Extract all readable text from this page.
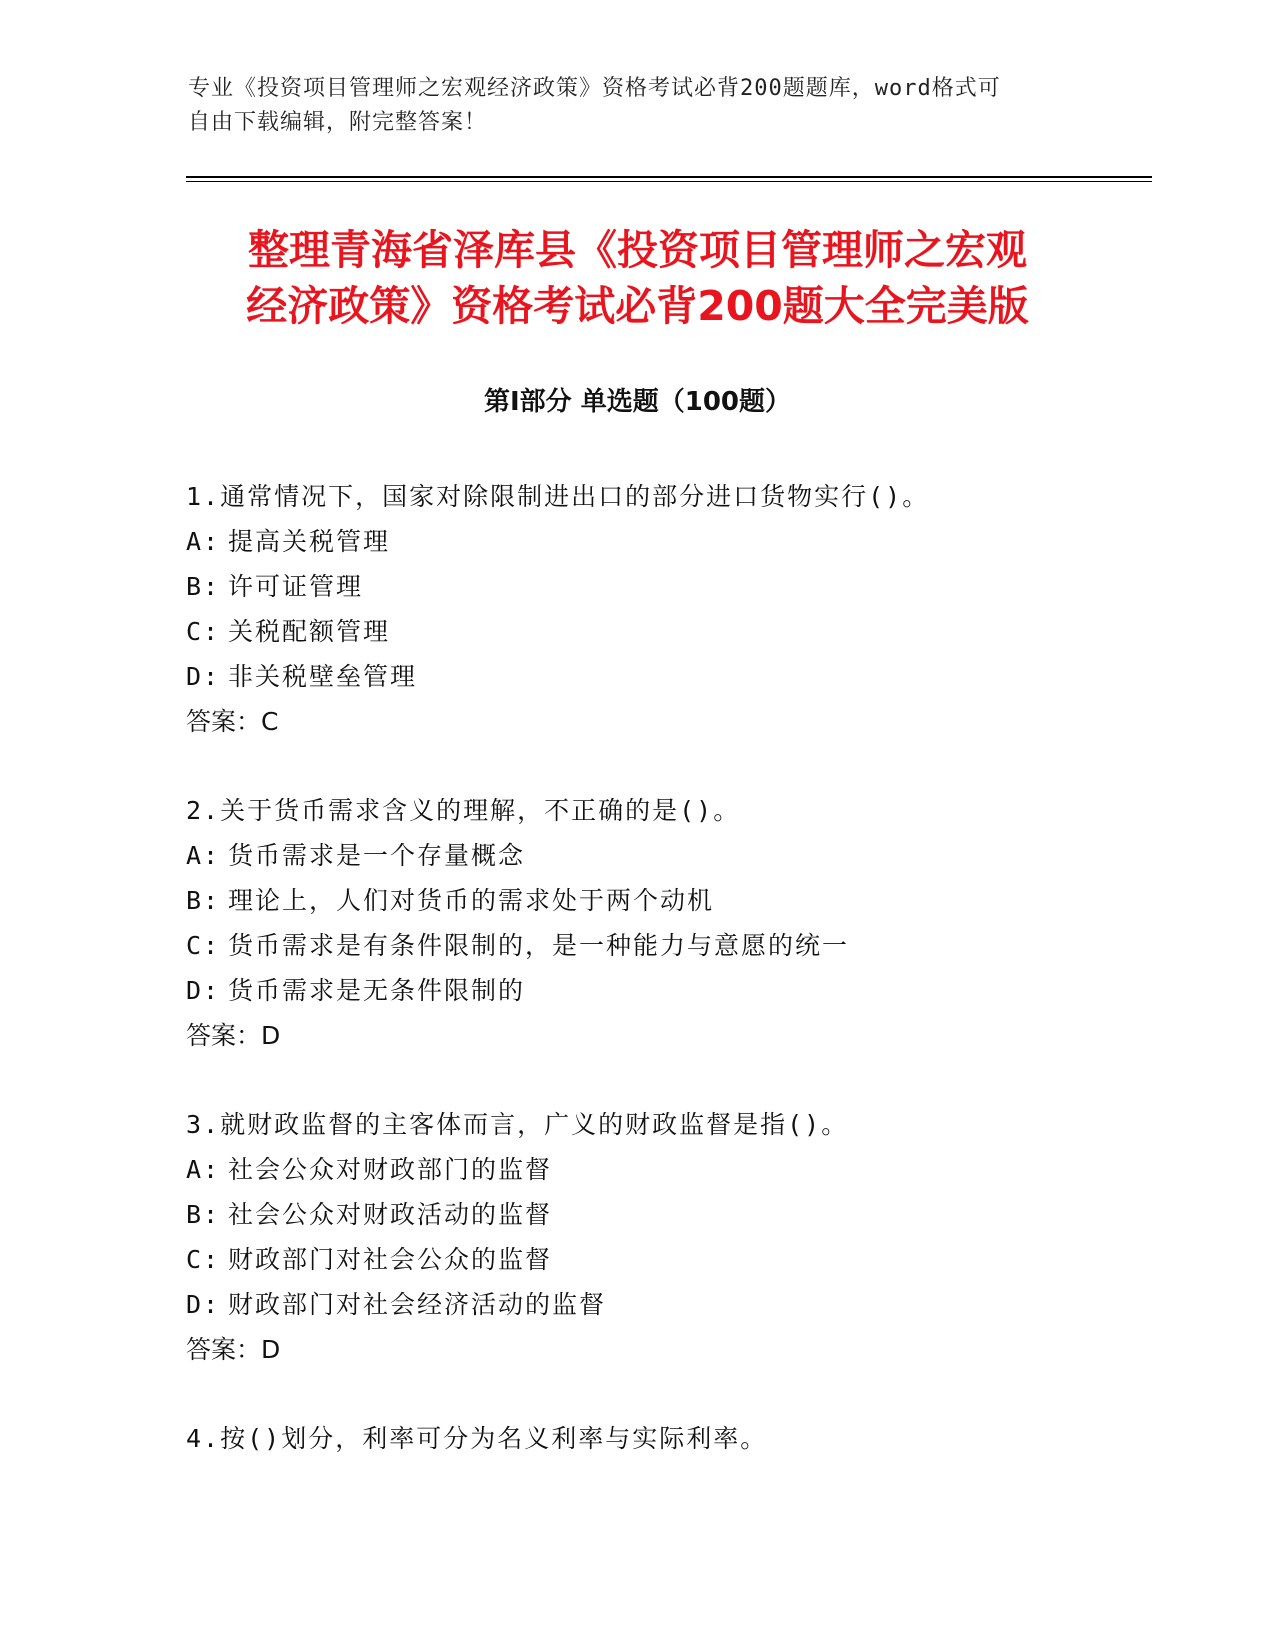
专业《投资项目管理师之宏观经济政策》资格考试必背200题题库，word格式可
自由下载编辑，附完整答案！
整理青海省泽库县《投资项目管理师之宏观
经济政策》资格考试必背200题大全完美版
第Ⅰ部分 单选题（100题）
1.通常情况下，国家对除限制进出口的部分进口货物实行()。
A: 提高关税管理
B: 许可证管理
C: 关税配额管理
D: 非关税壁垒管理
答案：C
2.关于货币需求含义的理解，不正确的是()。
A: 货币需求是一个存量概念
B: 理论上，人们对货币的需求处于两个动机
C: 货币需求是有条件限制的，是一种能力与意愿的统一
D: 货币需求是无条件限制的
答案：D
3.就财政监督的主客体而言，广义的财政监督是指()。
A: 社会公众对财政部门的监督
B: 社会公众对财政活动的监督
C: 财政部门对社会公众的监督
D: 财政部门对社会经济活动的监督
答案：D
4.按()划分，利率可分为名义利率与实际利率。
